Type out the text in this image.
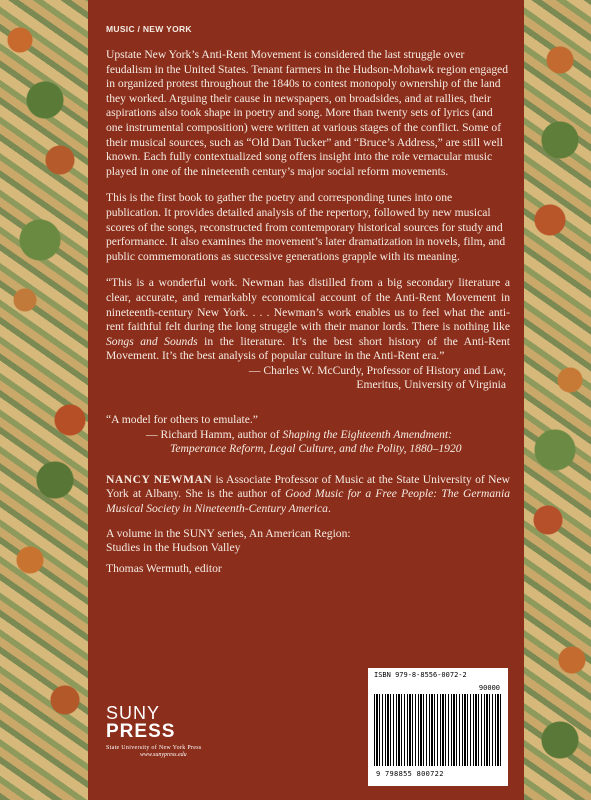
MUSIC / NEW YORK

Upstate New York’s Anti-Rent Movement is considered the last struggle over feudalism in the United States. Tenant farmers in the Hudson-Mohawk region engaged in organized protest throughout the 1840s to contest monopoly ownership of the land they worked. Arguing their cause in newspapers, on broadsides, and at rallies, their aspirations also took shape in poetry and song. More than twenty sets of lyrics (and one instrumental composition) were written at various stages of the conflict. Some of their musical sources, such as “Old Dan Tucker” and “Bruce’s Address,” are still well known. Each fully contextualized song offers insight into the role vernacular music played in one of the nineteenth century’s major social reform movements.

This is the first book to gather the poetry and corresponding tunes into one publication. It provides detailed analysis of the repertory, followed by new musical scores of the songs, reconstructed from contemporary historical sources for study and performance. It also examines the movement’s later dramatization in novels, film, and public commemorations as successive generations grapple with its meaning.

“This is a wonderful work. Newman has distilled from a big secondary literature a clear, accurate, and remarkably economical account of the Anti-Rent Movement in nineteenth-century New York. . . . Newman’s work enables us to feel what the anti-rent faithful felt during the long struggle with their manor lords. There is nothing like Songs and Sounds in the literature. It’s the best short history of the Anti-Rent Movement. It’s the best analysis of popular culture in the Anti-Rent era.”

— Charles W. McCurdy, Professor of History and Law,

Emeritus, University of Virginia

“A model for others to emulate.”

— Richard Hamm, author of Shaping the Eighteenth Amendment:

Temperance Reform, Legal Culture, and the Polity, 1880–1920

NANCY NEWMAN is Associate Professor of Music at the State University of New York at Albany. She is the author of Good Music for a Free People: The Germania Musical Society in Nineteenth-Century America.

A volume in the SUNY series, An American Region:

Studies in the Hudson Valley

Thomas Wermuth, editor

SUNY
PRESS
State University of New York Press
www.sunypress.edu
ISBN 979-8-8556-0072-2
90000
9 798855 800722
